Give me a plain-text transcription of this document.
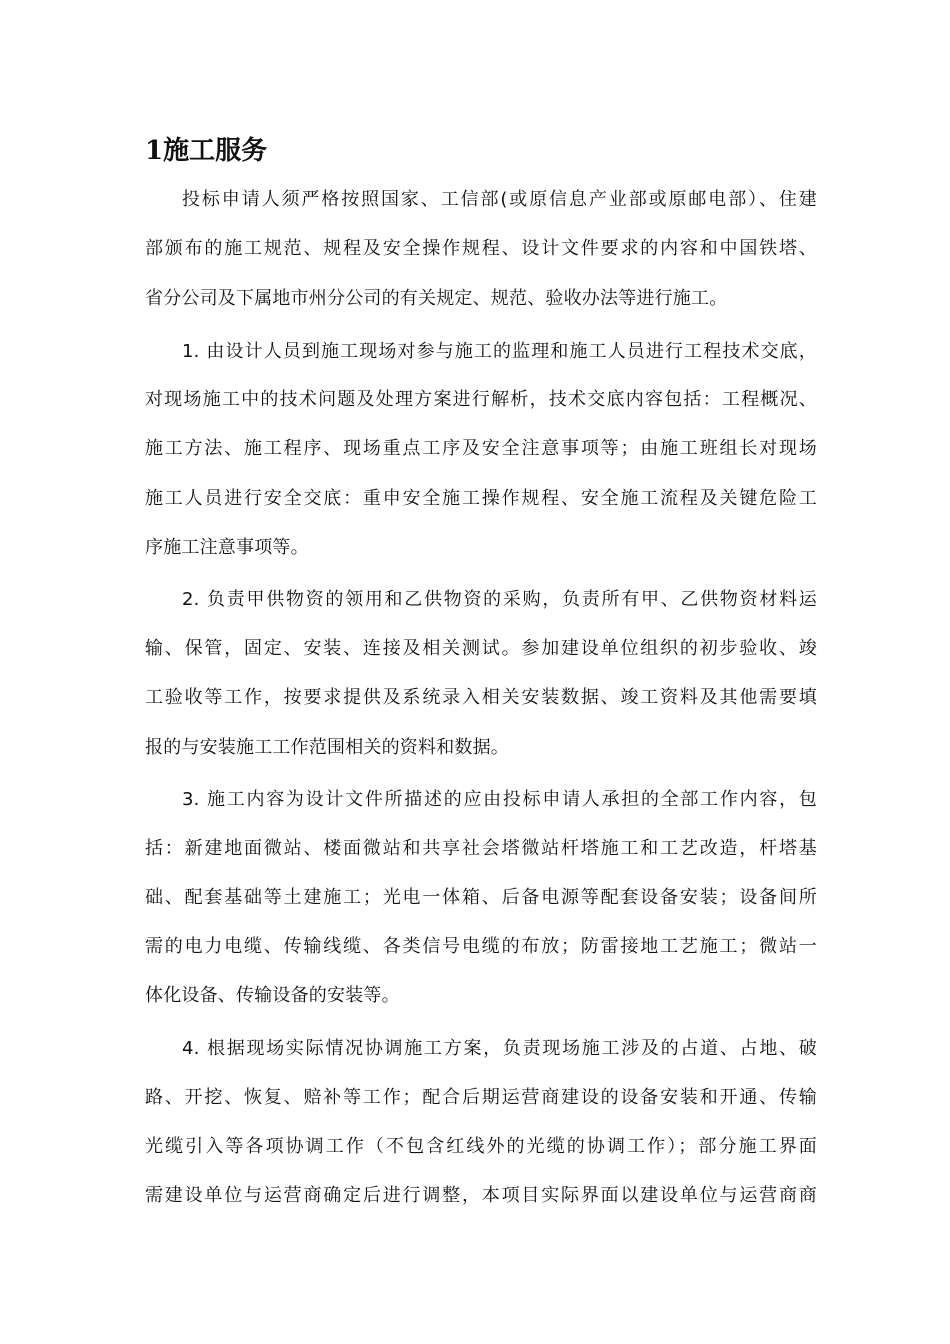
1施工服务
投标申请人须严格按照国家、工信部(或原信息产业部或原邮电部）、住建
部颁布的施工规范、规程及安全操作规程、设计文件要求的内容和中国铁塔、
省分公司及下属地市州分公司的有关规定、规范、验收办法等进行施工。
1. 由设计人员到施工现场对参与施工的监理和施工人员进行工程技术交底，
对现场施工中的技术问题及处理方案进行解析，技术交底内容包括：工程概况、
施工方法、施工程序、现场重点工序及安全注意事项等；由施工班组长对现场
施工人员进行安全交底：重申安全施工操作规程、安全施工流程及关键危险工
序施工注意事项等。
2. 负责甲供物资的领用和乙供物资的采购，负责所有甲、乙供物资材料运
输、保管，固定、安装、连接及相关测试。参加建设单位组织的初步验收、竣
工验收等工作，按要求提供及系统录入相关安装数据、竣工资料及其他需要填
报的与安装施工工作范围相关的资料和数据。
3. 施工内容为设计文件所描述的应由投标申请人承担的全部工作内容，包
括：新建地面微站、楼面微站和共享社会塔微站杆塔施工和工艺改造，杆塔基
础、配套基础等土建施工；光电一体箱、后备电源等配套设备安装；设备间所
需的电力电缆、传输线缆、各类信号电缆的布放；防雷接地工艺施工；微站一
体化设备、传输设备的安装等。
4. 根据现场实际情况协调施工方案，负责现场施工涉及的占道、占地、破
路、开挖、恢复、赔补等工作；配合后期运营商建设的设备安装和开通、传输
光缆引入等各项协调工作（不包含红线外的光缆的协调工作）；部分施工界面
需建设单位与运营商确定后进行调整，本项目实际界面以建设单位与运营商商
